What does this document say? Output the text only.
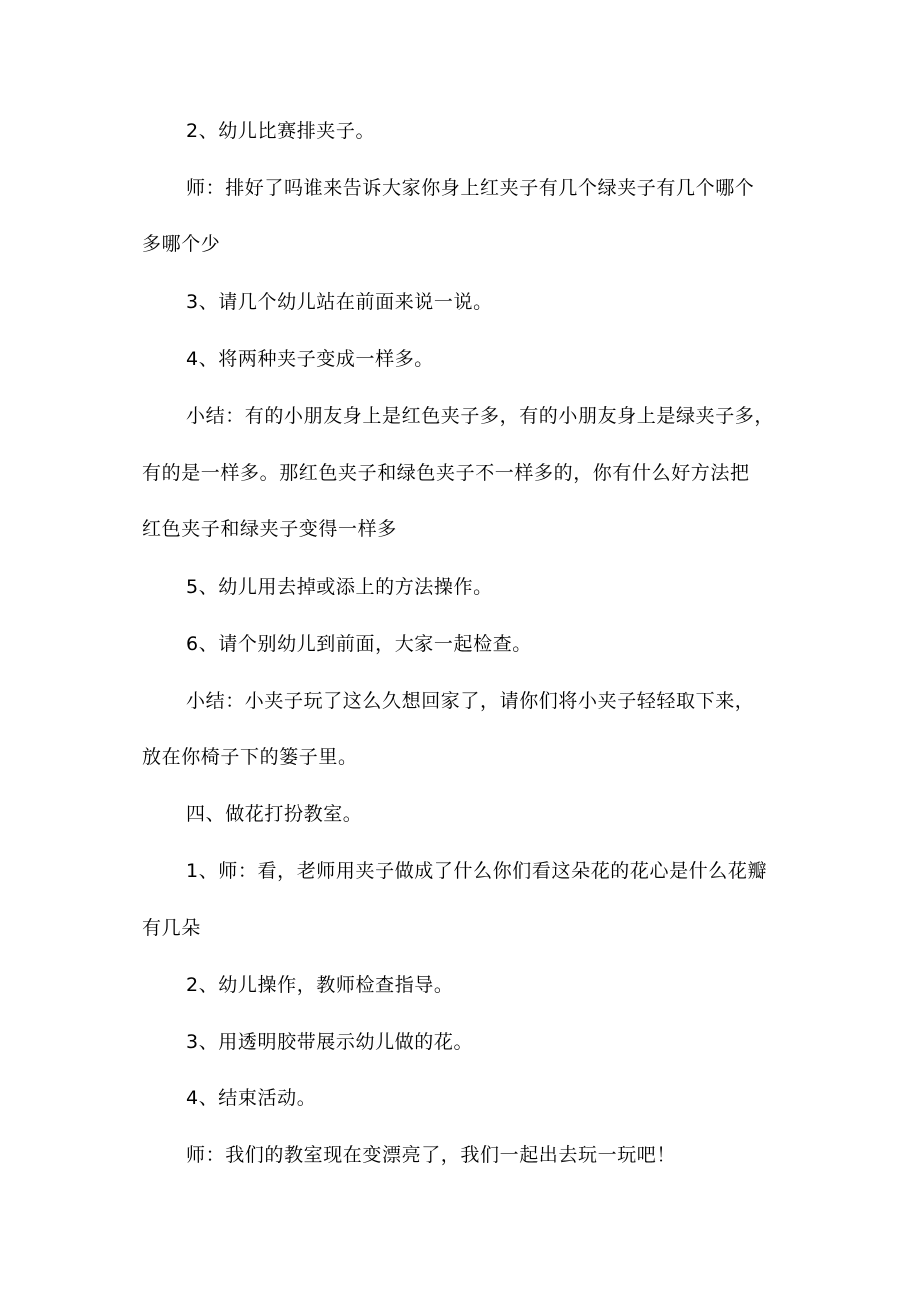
2、幼儿比赛排夹子。
师：排好了吗谁来告诉大家你身上红夹子有几个绿夹子有几个哪个
多哪个少
3、请几个幼儿站在前面来说一说。
4、将两种夹子变成一样多。
小结：有的小朋友身上是红色夹子多，有的小朋友身上是绿夹子多，
有的是一样多。那红色夹子和绿色夹子不一样多的，你有什么好方法把
红色夹子和绿夹子变得一样多
5、幼儿用去掉或添上的方法操作。
6、请个别幼儿到前面，大家一起检查。
小结：小夹子玩了这么久想回家了，请你们将小夹子轻轻取下来，
放在你椅子下的篓子里。
四、做花打扮教室。
1、师：看，老师用夹子做成了什么你们看这朵花的花心是什么花瓣
有几朵
2、幼儿操作，教师检查指导。
3、用透明胶带展示幼儿做的花。
4、结束活动。
师：我们的教室现在变漂亮了，我们一起出去玩一玩吧！
